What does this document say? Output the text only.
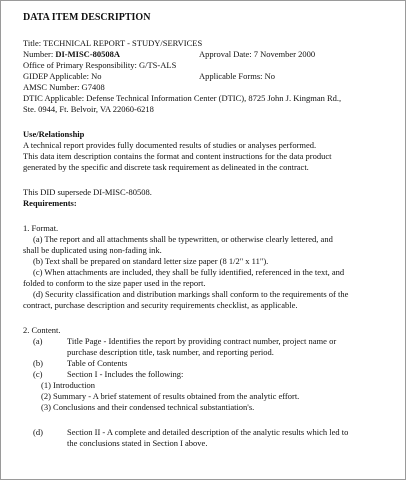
DATA ITEM DESCRIPTION
Title: TECHNICAL REPORT - STUDY/SERVICES
Number: DI-MISC-80508A	Approval Date: 7 November 2000
Office of Primary Responsibility: G/TS-ALS
GIDEP Applicable: No	Applicable Forms: No
AMSC Number: G7408
DTIC Applicable: Defense Technical Information Center (DTIC), 8725 John J. Kingman Rd.,
Ste. 0944, Ft. Belvoir, VA 22060-6218
Use/Relationship
A technical report provides fully documented results of studies or analyses performed.
This data item description contains the format and content instructions for the data product
generated by the specific and discrete task requirement as delineated in the contract.
This DID supersede DI-MISC-80508.
Requirements:
1. Format.
(a) The report and all attachments shall be typewritten, or otherwise clearly lettered, and
shall be duplicated using non-fading ink.
(b) Text shall be prepared on standard letter size paper (8 1/2" x 11").
(c) When attachments are included, they shall be fully identified, referenced in the text, and
folded to conform to the size paper used in the report.
(d) Security classification and distribution markings shall conform to the requirements of the
contract, purchase description and security requirements checklist, as applicable.
2. Content.
(a)	Title Page - Identifies the report by providing contract number, project name or
purchase description title, task number, and reporting period.
(b)	Table of Contents
(c)	Section I - Includes the following:
(1) Introduction
(2) Summary - A brief statement of results obtained from the analytic effort.
(3) Conclusions and their condensed technical substantiation's.
(d)	Section II - A complete and detailed description of the analytic results which led to
the conclusions stated in Section I above.
